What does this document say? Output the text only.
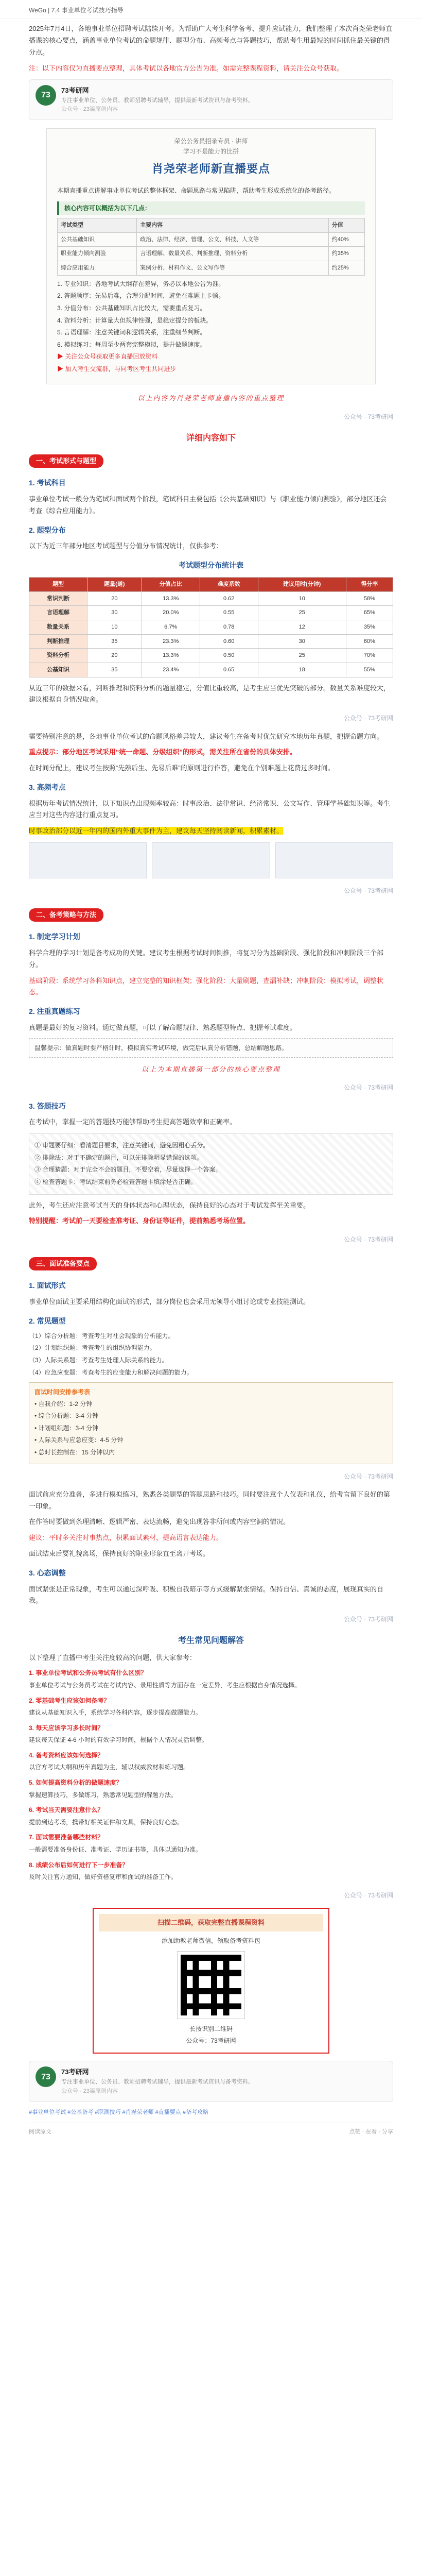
WeGo | 7.4 事业单位考试技巧指导

2025年7月4日，各地事业单位招聘考试陆续开考。为帮助广大考生科学备考、提升应试能力，我们整理了本次肖尧荣老师直播课的核心要点，涵盖事业单位考试的命题规律、题型分布、高频考点与答题技巧，帮助考生用最短的时间抓住最关键的得分点。

注：以下内容仅为直播要点整理，具体考试以各地官方公告为准。如需完整课程资料，请关注公众号获取。

73
73考研网
专注事业单位、公务员、教师招聘考试辅导，提供最新考试资讯与备考资料。
公众号 · 23篇原创内容
荣公公务员招录专员 · 讲师
学习不是能力的比拼
肖尧荣老师新直播要点

本期直播重点讲解事业单位考试的整体框架、命题思路与常见陷阱，帮助考生形成系统化的备考路径。

核心内容可以概括为以下几点：
考试类型	主要内容	分值
公共基础知识	政治、法律、经济、管理、公文、科技、人文等	约40%
职业能力倾向测验	言语理解、数量关系、判断推理、资料分析	约35%
综合应用能力	案例分析、材料作文、公文写作等	约25%
1. 专业知识：各地考试大纲存在差异，务必以本地公告为准。
2. 答题顺序：先易后难，合理分配时间，避免在难题上卡顿。
3. 分值分布：公共基础知识占比较大，需要重点复习。
4. 资料分析：计算量大但规律性强，是稳定提分的板块。
5. 言语理解：注意关键词和逻辑关系，注重细节判断。
6. 模拟练习：每周至少两套完整模拟，提升做题速度。
▶ 关注公众号获取更多直播回放资料
▶ 加入考生交流群，与同考区考生共同进步
以上内容为肖尧荣老师直播内容的重点整理
公众号 · 73考研网
详细内容如下
一、考试形式与题型
1. 考试科目

事业单位考试一般分为笔试和面试两个阶段，笔试科目主要包括《公共基础知识》与《职业能力倾向测验》，部分地区还会考查《综合应用能力》。

2. 题型分布

以下为近三年部分地区考试题型与分值分布情况统计，仅供参考：

考试题型分布统计表
题型	题量(道)	分值占比	难度系数	建议用时(分钟)	得分率
常识判断	20	13.3%	0.62	10	58%
言语理解	30	20.0%	0.55	25	65%
数量关系	10	6.7%	0.78	12	35%
判断推理	35	23.3%	0.60	30	60%
资料分析	20	13.3%	0.50	25	70%
公基知识	35	23.4%	0.65	18	55%

从近三年的数据来看，判断推理和资料分析的题量稳定，分值比重较高，是考生应当优先突破的部分。数量关系难度较大，建议根据自身情况取舍。

公众号 · 73考研网

需要特别注意的是，各地事业单位考试的命题风格差异较大，建议考生在备考时优先研究本地历年真题，把握命题方向。

重点提示：部分地区考试采用“统一命题、分级组织”的形式，需关注所在省份的具体安排。

在时间分配上，建议考生按照“先熟后生、先易后难”的原则进行作答，避免在个别难题上花费过多时间。

3. 高频考点

根据历年考试情况统计，以下知识点出现频率较高：时事政治、法律常识、经济常识、公文写作、管理学基础知识等。考生应当对这些内容进行重点复习。

时事政治部分以近一年内的国内外重大事件为主，建议每天坚持阅读新闻，积累素材。

公众号 · 73考研网
二、备考策略与方法
1. 制定学习计划

科学合理的学习计划是备考成功的关键。建议考生根据考试时间倒推，将复习分为基础阶段、强化阶段和冲刺阶段三个部分。

基础阶段：系统学习各科知识点，建立完整的知识框架；强化阶段：大量刷题，查漏补缺；冲刺阶段：模拟考试，调整状态。

2. 注重真题练习

真题是最好的复习资料。通过做真题，可以了解命题规律、熟悉题型特点、把握考试难度。

温馨提示：做真题时要严格计时，模拟真实考试环境，做完后认真分析错题，总结解题思路。
以上为本期直播第一部分的核心要点整理
公众号 · 73考研网
3. 答题技巧

在考试中，掌握一定的答题技巧能够帮助考生提高答题效率和正确率。

① 审题要仔细：看清题目要求，注意关键词，避免因粗心丢分。
② 排除法：对于不确定的题目，可以先排除明显错误的选项。
③ 合理猜题：对于完全不会的题目，不要空着，尽量选择一个答案。
④ 检查答题卡：考试结束前务必检查答题卡填涂是否正确。

此外，考生还应注意考试当天的身体状态和心理状态，保持良好的心态对于考试发挥至关重要。

特别提醒：考试前一天要检查准考证、身份证等证件，提前熟悉考场位置。

公众号 · 73考研网
三、面试准备要点
1. 面试形式

事业单位面试主要采用结构化面试的形式，部分岗位也会采用无领导小组讨论或专业技能测试。

2. 常见题型
（1）综合分析题：考查考生对社会现象的分析能力。
（2）计划组织题：考查考生的组织协调能力。
（3）人际关系题：考查考生处理人际关系的能力。
（4）应急应变题：考查考生的应变能力和解决问题的能力。
面试时间安排参考表
• 自我介绍：1-2 分钟
• 综合分析题：3-4 分钟
• 计划组织题：3-4 分钟
• 人际关系与应急应变：4-5 分钟
• 总时长控制在：15 分钟以内
公众号 · 73考研网

面试前应充分准备，多进行模拟练习，熟悉各类题型的答题思路和技巧。同时要注意个人仪表和礼仪，给考官留下良好的第一印象。

在作答时要做到条理清晰、逻辑严密、表达流畅，避免出现答非所问或内容空洞的情况。

建议：平时多关注时事热点，积累面试素材，提高语言表达能力。

面试结束后要礼貌离场，保持良好的职业形象直至离开考场。

3. 心态调整

面试紧张是正常现象，考生可以通过深呼吸、积极自我暗示等方式缓解紧张情绪。保持自信、真诚的态度，展现真实的自我。

公众号 · 73考研网
考生常见问题解答

以下整理了直播中考生关注度较高的问题，供大家参考：

1. 事业单位考试和公务员考试有什么区别？
事业单位考试与公务员考试在考试内容、录用性质等方面存在一定差异，考生应根据自身情况选择。
2. 零基础考生应该如何备考？
建议从基础知识入手，系统学习各科内容，逐步提高做题能力。
3. 每天应该学习多长时间？
建议每天保证 4-6 小时的有效学习时间，根据个人情况灵活调整。
4. 备考资料应该如何选择？
以官方考试大纲和历年真题为主，辅以权威教材和练习题。
5. 如何提高资料分析的做题速度？
掌握速算技巧，多做练习，熟悉常见题型的解题方法。
6. 考试当天需要注意什么？
提前到达考场，携带好相关证件和文具，保持良好心态。
7. 面试需要准备哪些材料？
一般需要准备身份证、准考证、学历证书等，具体以通知为准。
8. 成绩公布后如何进行下一步准备？
及时关注官方通知，做好资格复审和面试的准备工作。
公众号 · 73考研网
扫描二维码，获取完整直播课程资料
添加助教老师微信，领取备考资料包
长按识别二维码
公众号：73考研网
73
73考研网
专注事业单位、公务员、教师招聘考试辅导，提供最新考试资讯与备考资料。
公众号 · 23篇原创内容
#事业单位考试 #公基备考 #职测技巧 #肖尧荣老师 #直播要点 #备考攻略
阅读原文	点赞 · 在看 · 分享
